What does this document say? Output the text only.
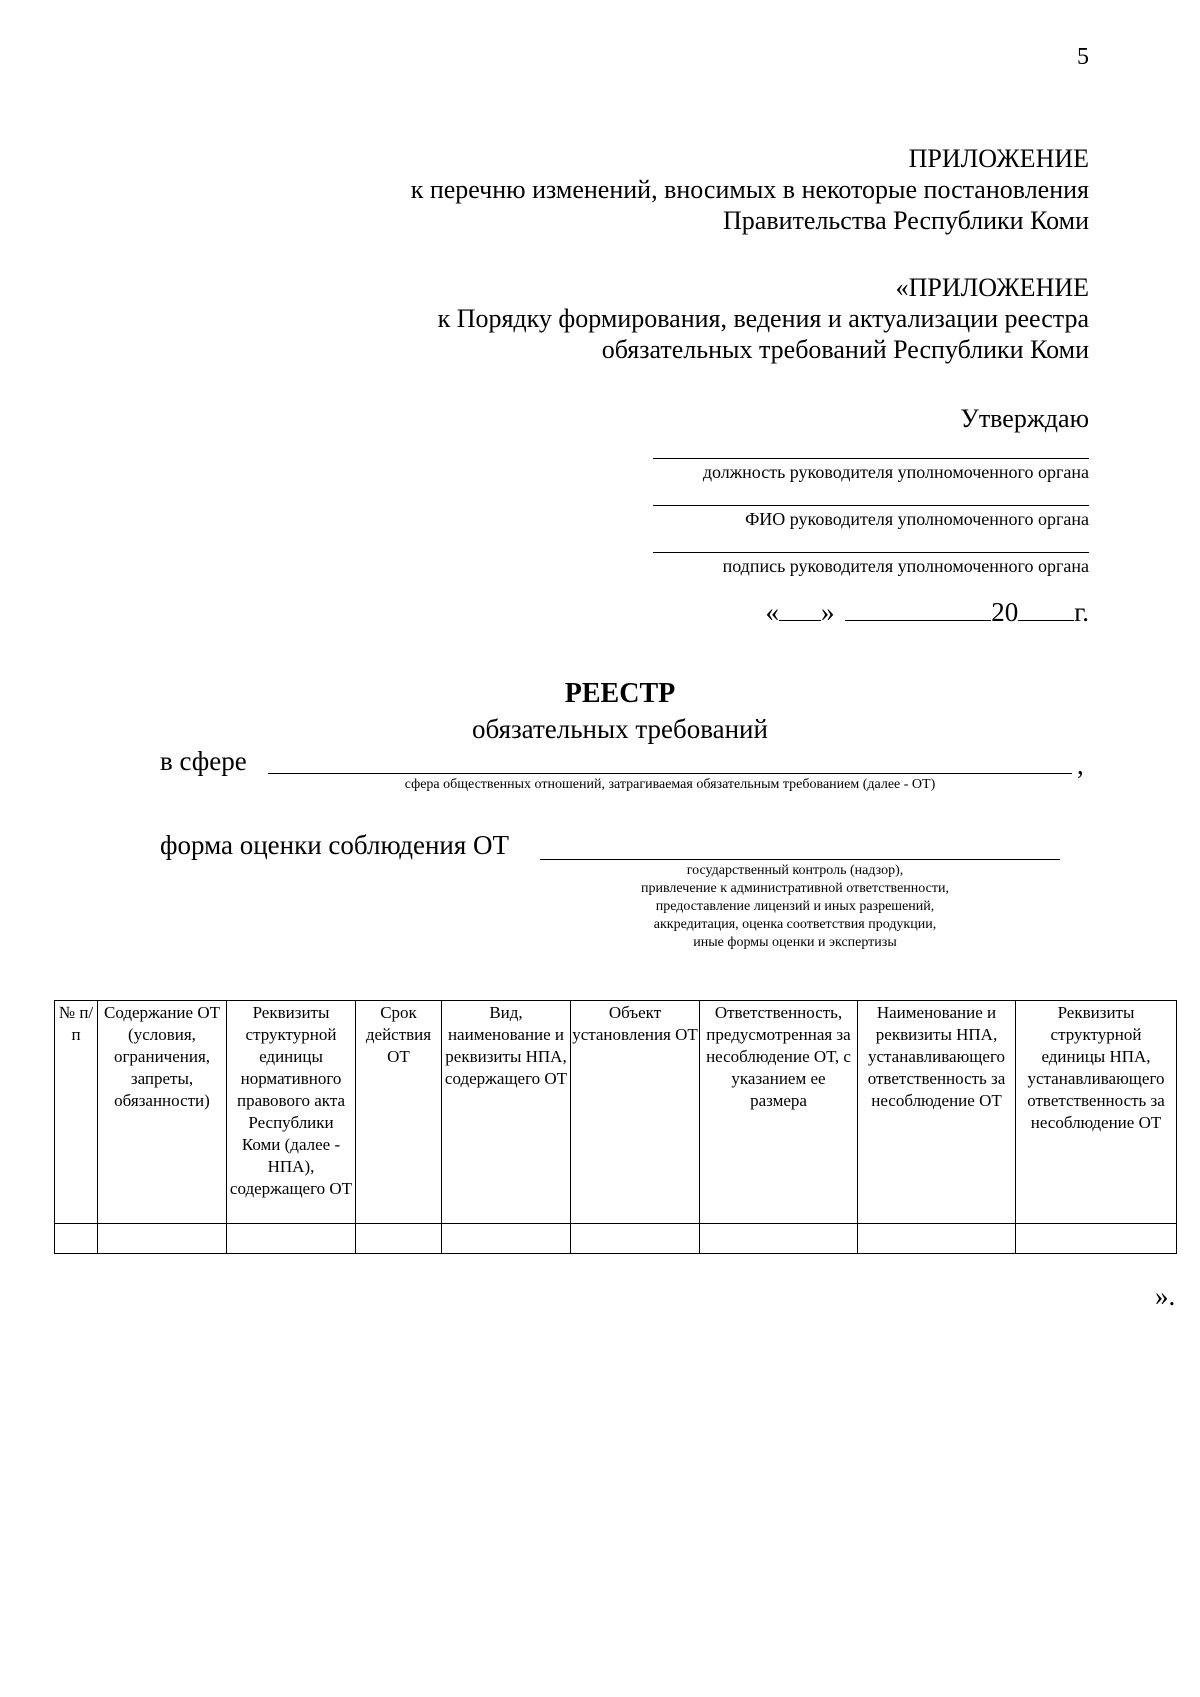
5
ПРИЛОЖЕНИЕ
к перечню изменений, вносимых в некоторые постановления
Правительства Республики Коми
«ПРИЛОЖЕНИЕ
к Порядку формирования, ведения и актуализации реестра
обязательных требований Республики Коми
Утверждаю
должность руководителя уполномоченного органа
ФИО руководителя уполномоченного органа
подпись руководителя уполномоченного органа
« »	20 г.
РЕЕСТР
обязательных требований
в сфере	,
сфера общественных отношений, затрагиваемая обязательным требованием (далее - ОТ)
форма оценки соблюдения ОТ
государственный контроль (надзор),
привлечение к административной ответственности,
предоставление лицензий и иных разрешений,
аккредитация, оценка соответствия продукции,
иные формы оценки и экспертизы
№ п/п	Содержание ОТ (условия, ограничения, запреты, обязанности)	Реквизиты структурной единицы нормативного правового акта Республики Коми (далее - НПА), содержащего ОТ	Срок действия ОТ	Вид, наименование и реквизиты НПА, содержащего ОТ	Объект установления ОТ	Ответственность, предусмотренная за несоблюдение ОТ, с указанием ее размера	Наименование и реквизиты НПА, устанавливающего ответственность за несоблюдение ОТ	Реквизиты структурной единицы НПА, устанавливающего ответственность за несоблюдение ОТ

».
